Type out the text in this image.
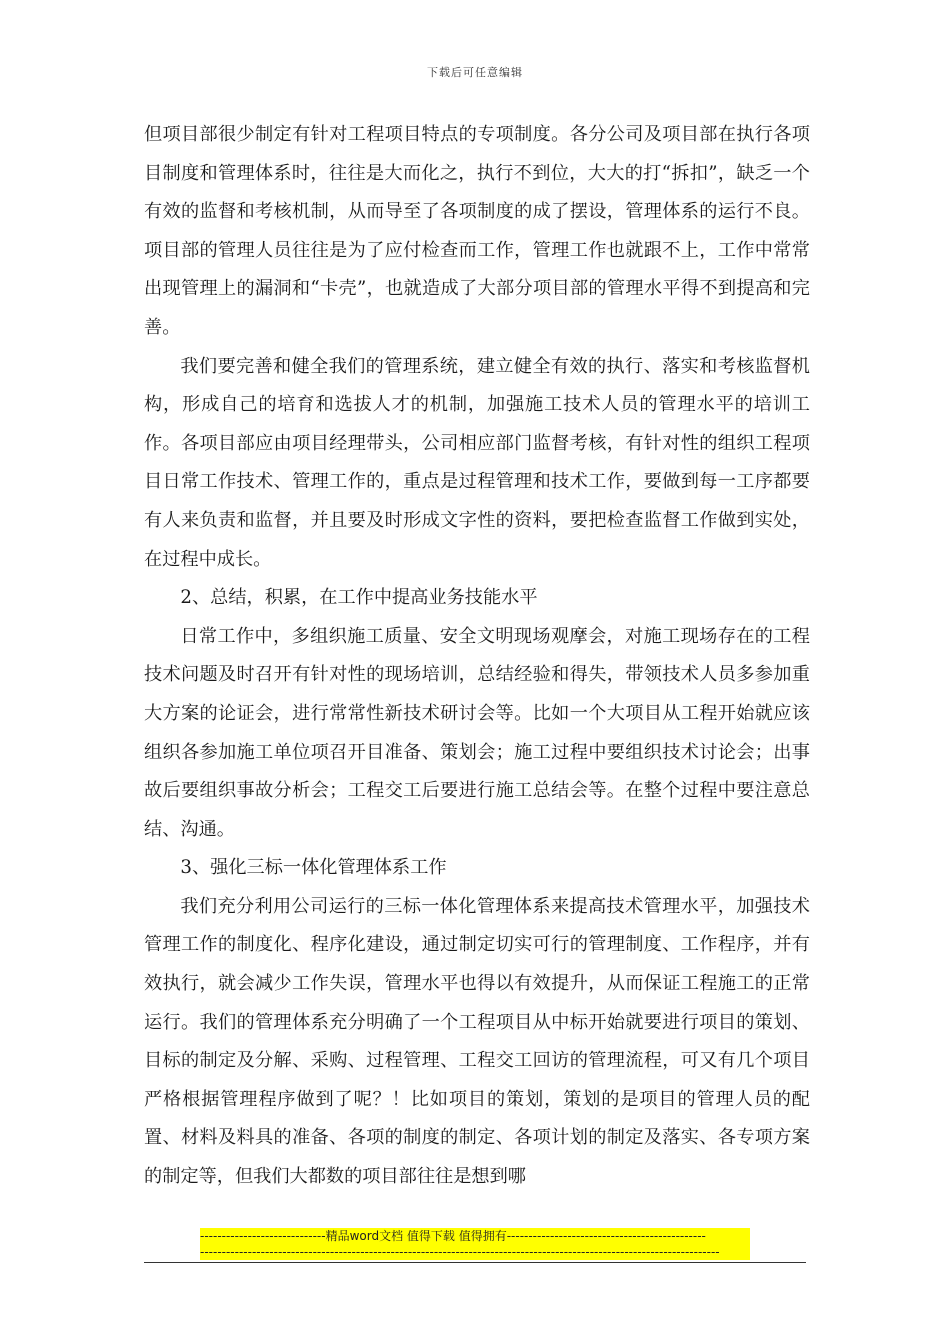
下载后可任意编辑

但项目部很少制定有针对工程项目特点的专项制度。各分公司及项目部在执行各项目制度和管理体系时，往往是大而化之，执行不到位，大大的打“拆扣”，缺乏一个有效的监督和考核机制，从而导至了各项制度的成了摆设，管理体系的运行不良。项目部的管理人员往往是为了应付检查而工作，管理工作也就跟不上，工作中常常出现管理上的漏洞和“卡壳”，也就造成了大部分项目部的管理水平得不到提高和完善。

我们要完善和健全我们的管理系统，建立健全有效的执行、落实和考核监督机构，形成自己的培育和选拔人才的机制，加强施工技术人员的管理水平的培训工作。各项目部应由项目经理带头，公司相应部门监督考核，有针对性的组织工程项目日常工作技术、管理工作的，重点是过程管理和技术工作，要做到每一工序都要有人来负责和监督，并且要及时形成文字性的资料，要把检查监督工作做到实处，在过程中成长。

2、总结，积累，在工作中提高业务技能水平

日常工作中，多组织施工质量、安全文明现场观摩会，对施工现场存在的工程技术问题及时召开有针对性的现场培训，总结经验和得失，带领技术人员多参加重大方案的论证会，进行常常性新技术研讨会等。比如一个大项目从工程开始就应该组织各参加施工单位项召开目准备、策划会；施工过程中要组织技术讨论会；出事故后要组织事故分析会；工程交工后要进行施工总结会等。在整个过程中要注意总结、沟通。

3、强化三标一体化管理体系工作

我们充分利用公司运行的三标一体化管理体系来提高技术管理水平，加强技术管理工作的制度化、程序化建设，通过制定切实可行的管理制度、工作程序，并有效执行，就会减少工作失误，管理水平也得以有效提升，从而保证工程施工的正常运行。我们的管理体系充分明确了一个工程项目从中标开始就要进行项目的策划、目标的制定及分解、采购、过程管理、工程交工回访的管理流程，可又有几个项目严格根据管理程序做到了呢？！比如项目的策划，策划的是项目的管理人员的配置、材料及料具的准备、各项的制度的制定、各项计划的制定及落实、各专项方案的制定等，但我们大都数的项目部往往是想到哪

-----------------------------精品word文档 值得下载 值得拥有----------------------------------------------
------------------------------------------------------------------------------------------------------------------------
